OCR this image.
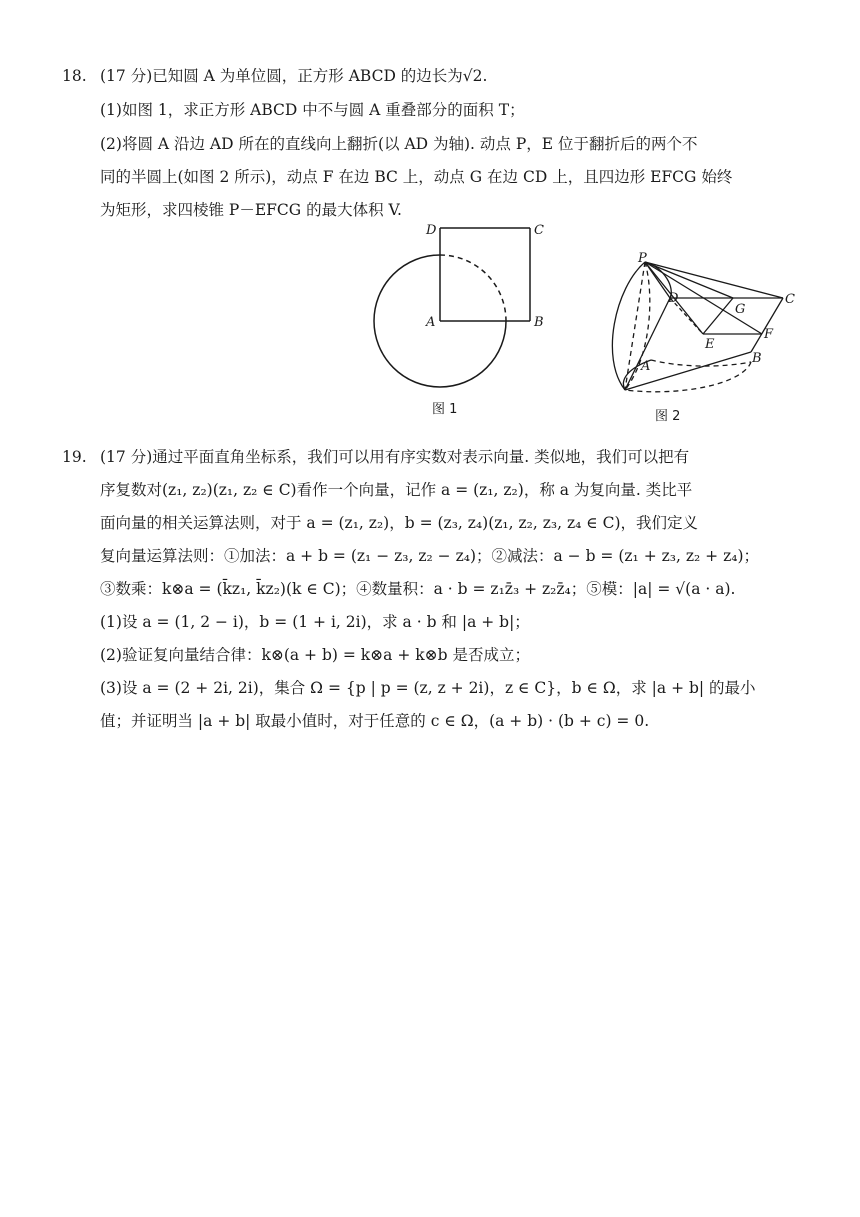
18. (17 分)已知圆 A 为单位圆，正方形 ABCD 的边长为√2.
(1)如图 1，求正方形 ABCD 中不与圆 A 重叠部分的面积 T；
(2)将圆 A 沿边 AD 所在的直线向上翻折(以 AD 为轴). 动点 P，E 位于翻折后的两个不
同的半圆上(如图 2 所示)，动点 F 在边 BC 上，动点 G 在边 CD 上，且四边形 EFCG 始终
为矩形，求四棱锥 P－EFCG 的最大体积 V.
D	C
A	B
图 1
P
D
G
C
E
F
A
B
图 2
19. (17 分)通过平面直角坐标系，我们可以用有序实数对表示向量. 类似地，我们可以把有
序复数对(z₁, z₂)(z₁, z₂ ∈ C)看作一个向量，记作 a = (z₁, z₂)，称 a 为复向量. 类比平
面向量的相关运算法则，对于 a = (z₁, z₂)，b = (z₃, z₄)(z₁, z₂, z₃, z₄ ∈ C)，我们定义
复向量运算法则：①加法：a + b = (z₁ − z₃, z₂ − z₄)；②减法：a − b = (z₁ + z₃, z₂ + z₄)；
③数乘：k⊗a = (k̄z₁, k̄z₂)(k ∈ C)；④数量积：a · b = z₁z̄₃ + z₂z̄₄；⑤模：|a| = √(a · a).
(1)设 a = (1, 2 − i)，b = (1 + i, 2i)，求 a · b 和 |a + b|；
(2)验证复向量结合律：k⊗(a + b) = k⊗a + k⊗b 是否成立；
(3)设 a = (2 + 2i, 2i)，集合 Ω = {p | p = (z, z + 2i)，z ∈ C}，b ∈ Ω，求 |a + b| 的最小
值；并证明当 |a + b| 取最小值时，对于任意的 c ∈ Ω，(a + b) · (b + c) = 0.
